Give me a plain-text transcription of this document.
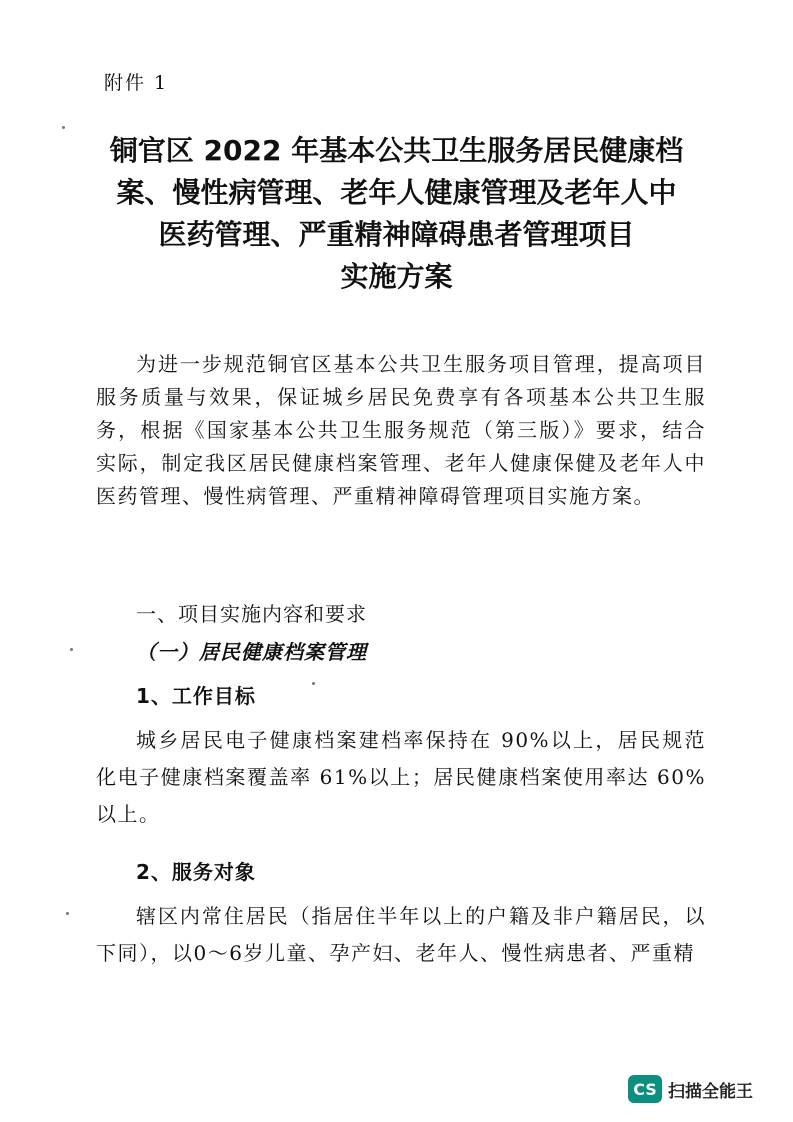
附件 1

铜官区 2022 年基本公共卫生服务居民健康档
案、慢性病管理、老年人健康管理及老年人中
医药管理、严重精神障碍患者管理项目
实施方案

为进一步规范铜官区基本公共卫生服务项目管理，提高项目服务质量与效果，保证城乡居民免费享有各项基本公共卫生服务，根据《国家基本公共卫生服务规范（第三版）》要求，结合实际，制定我区居民健康档案管理、老年人健康保健及老年人中医药管理、慢性病管理、严重精神障碍管理项目实施方案。

一、项目实施内容和要求
（一）居民健康档案管理
1、工作目标

城乡居民电子健康档案建档率保持在 90%以上，居民规范化电子健康档案覆盖率 61%以上；居民健康档案使用率达 60%以上。

2、服务对象

辖区内常住居民（指居住半年以上的户籍及非户籍居民，以下同），以0～6岁儿童、孕产妇、老年人、慢性病患者、严重精

CS 扫描全能王
